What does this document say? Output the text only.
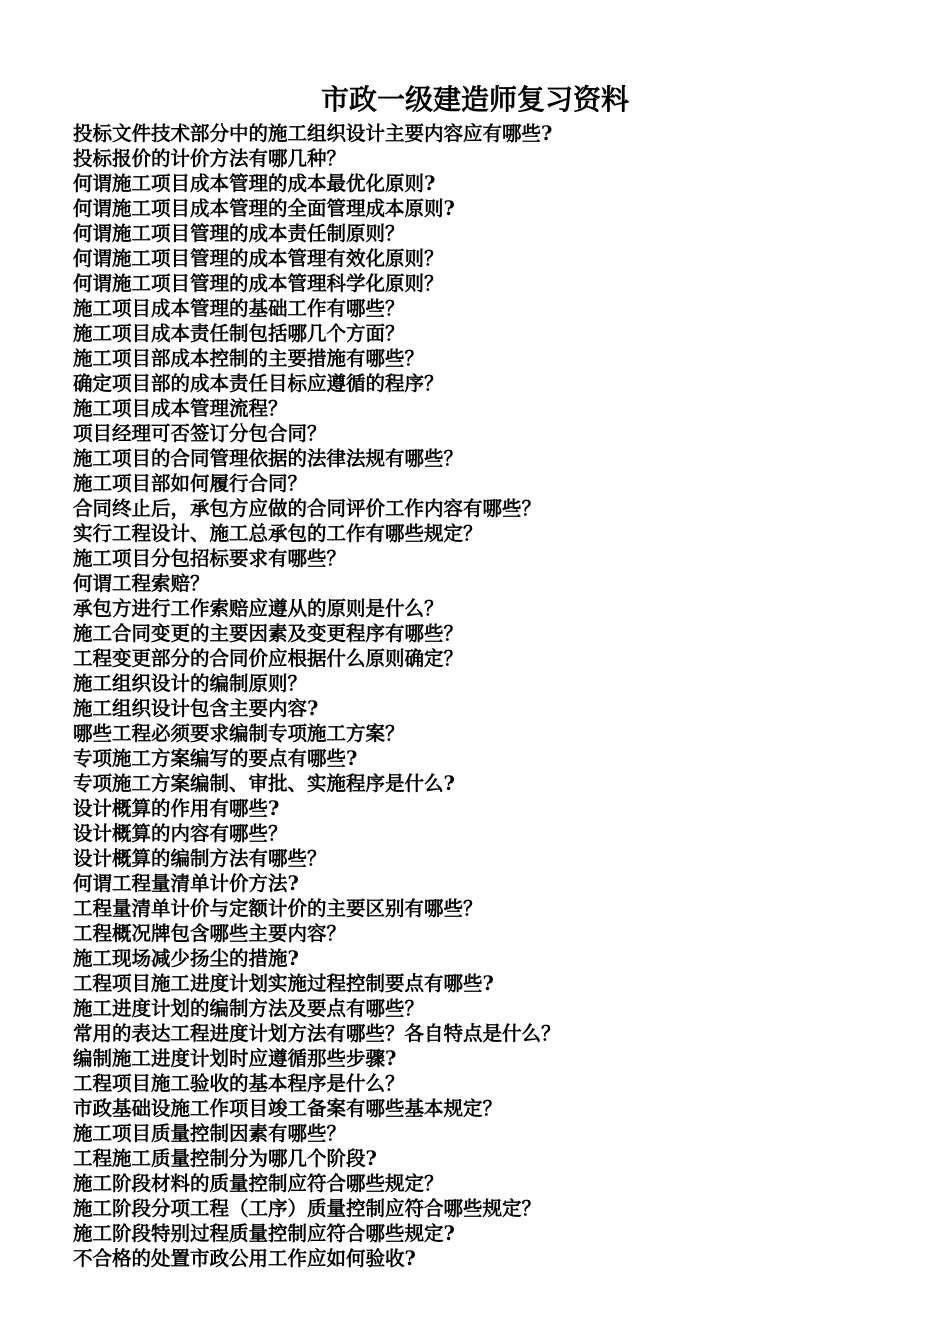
市政一级建造师复习资料
投标文件技术部分中的施工组织设计主要内容应有哪些?
投标报价的计价方法有哪几种？
何谓施工项目成本管理的成本最优化原则?
何谓施工项目成本管理的全面管理成本原则?
何谓施工项目管理的成本责任制原则？
何谓施工项目管理的成本管理有效化原则？
何谓施工项目管理的成本管理科学化原则？
施工项目成本管理的基础工作有哪些？
施工项目成本责任制包括哪几个方面？
施工项目部成本控制的主要措施有哪些？
确定项目部的成本责任目标应遵循的程序？
施工项目成本管理流程？
项目经理可否签订分包合同？
施工项目的合同管理依据的法律法规有哪些？
施工项目部如何履行合同？
合同终止后，承包方应做的合同评价工作内容有哪些？
实行工程设计、施工总承包的工作有哪些规定？
施工项目分包招标要求有哪些？
何谓工程索赔？
承包方进行工作索赔应遵从的原则是什么？
施工合同变更的主要因素及变更程序有哪些？
工程变更部分的合同价应根据什么原则确定？
施工组织设计的编制原则？
施工组织设计包含主要内容?
哪些工程必须要求编制专项施工方案？
专项施工方案编写的要点有哪些?
专项施工方案编制、审批、实施程序是什么?
设计概算的作用有哪些?
设计概算的内容有哪些？
设计概算的编制方法有哪些？
何谓工程量清单计价方法?
工程量清单计价与定额计价的主要区别有哪些？
工程概况牌包含哪些主要内容？
施工现场减少扬尘的措施?
工程项目施工进度计划实施过程控制要点有哪些?
施工进度计划的编制方法及要点有哪些？
常用的表达工程进度计划方法有哪些？各自特点是什么？
编制施工进度计划时应遵循那些步骤?
工程项目施工验收的基本程序是什么？
市政基础设施工作项目竣工备案有哪些基本规定？
施工项目质量控制因素有哪些？
工程施工质量控制分为哪几个阶段?
施工阶段材料的质量控制应符合哪些规定？
施工阶段分项工程（工序）质量控制应符合哪些规定？
施工阶段特别过程质量控制应符合哪些规定?
不合格的处置市政公用工作应如何验收?
